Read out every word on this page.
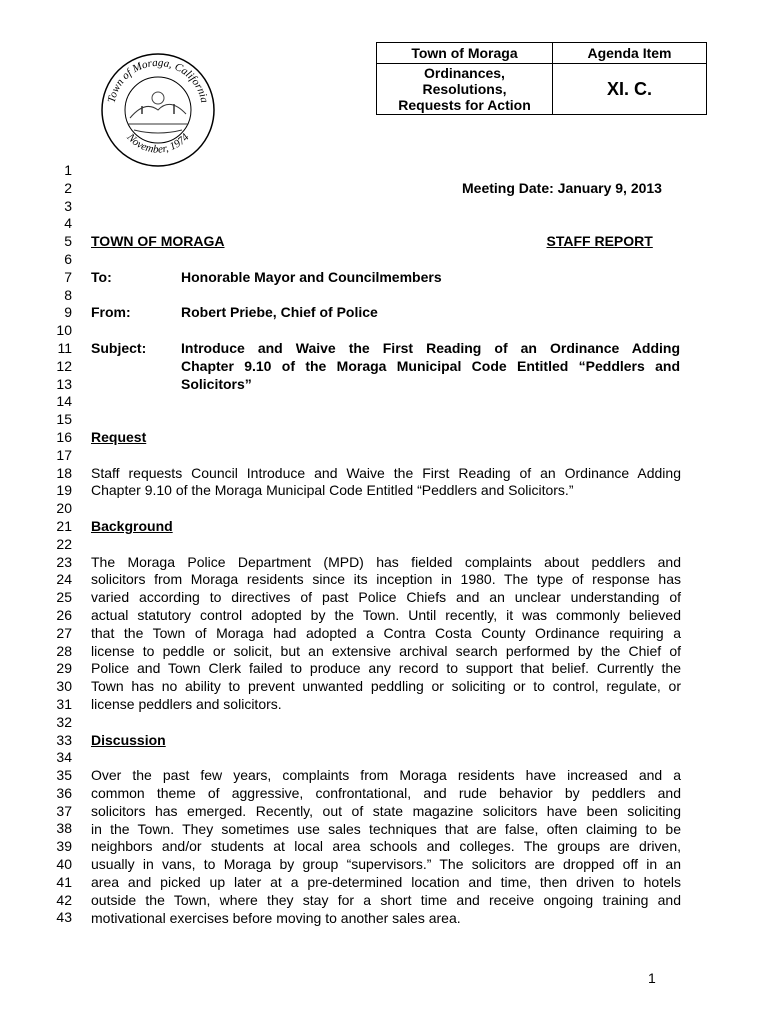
Town of Moraga, California
November, 1974
Town of Moraga	Agenda Item

Ordinances,
Resolutions,
Requests for Action	XI. C.
1
2
3
4
5
6
7
8
9
10
11
12
13
14
15
16
17
18
19
20
21
22
23
24
25
26
27
28
29
30
31
32
33
34
35
36
37
38
39
40
41
42
43
Meeting Date: January 9, 2013
TOWN OF MORAGA	STAFF REPORT
To:	Honorable Mayor and Councilmembers
From:	Robert Priebe, Chief of Police
Subject: Introduce and Waive the First Reading of an Ordinance Adding
Chapter 9.10 of the Moraga Municipal Code Entitled “Peddlers and
Solicitors”
Request
Staff requests Council Introduce and Waive the First Reading of an Ordinance Adding
Chapter 9.10 of the Moraga Municipal Code Entitled “Peddlers and Solicitors.”
Background
The Moraga Police Department (MPD) has fielded complaints about peddlers and
solicitors from Moraga residents since its inception in 1980. The type of response has
varied according to directives of past Police Chiefs and an unclear understanding of
actual statutory control adopted by the Town. Until recently, it was commonly believed
that the Town of Moraga had adopted a Contra Costa County Ordinance requiring a
license to peddle or solicit, but an extensive archival search performed by the Chief of
Police and Town Clerk failed to produce any record to support that belief. Currently the
Town has no ability to prevent unwanted peddling or soliciting or to control, regulate, or
license peddlers and solicitors.
Discussion
Over the past few years, complaints from Moraga residents have increased and a
common theme of aggressive, confrontational, and rude behavior by peddlers and
solicitors has emerged. Recently, out of state magazine solicitors have been soliciting
in the Town. They sometimes use sales techniques that are false, often claiming to be
neighbors and/or students at local area schools and colleges. The groups are driven,
usually in vans, to Moraga by group “supervisors.” The solicitors are dropped off in an
area and picked up later at a pre-determined location and time, then driven to hotels
outside the Town, where they stay for a short time and receive ongoing training and
motivational exercises before moving to another sales area.
1
